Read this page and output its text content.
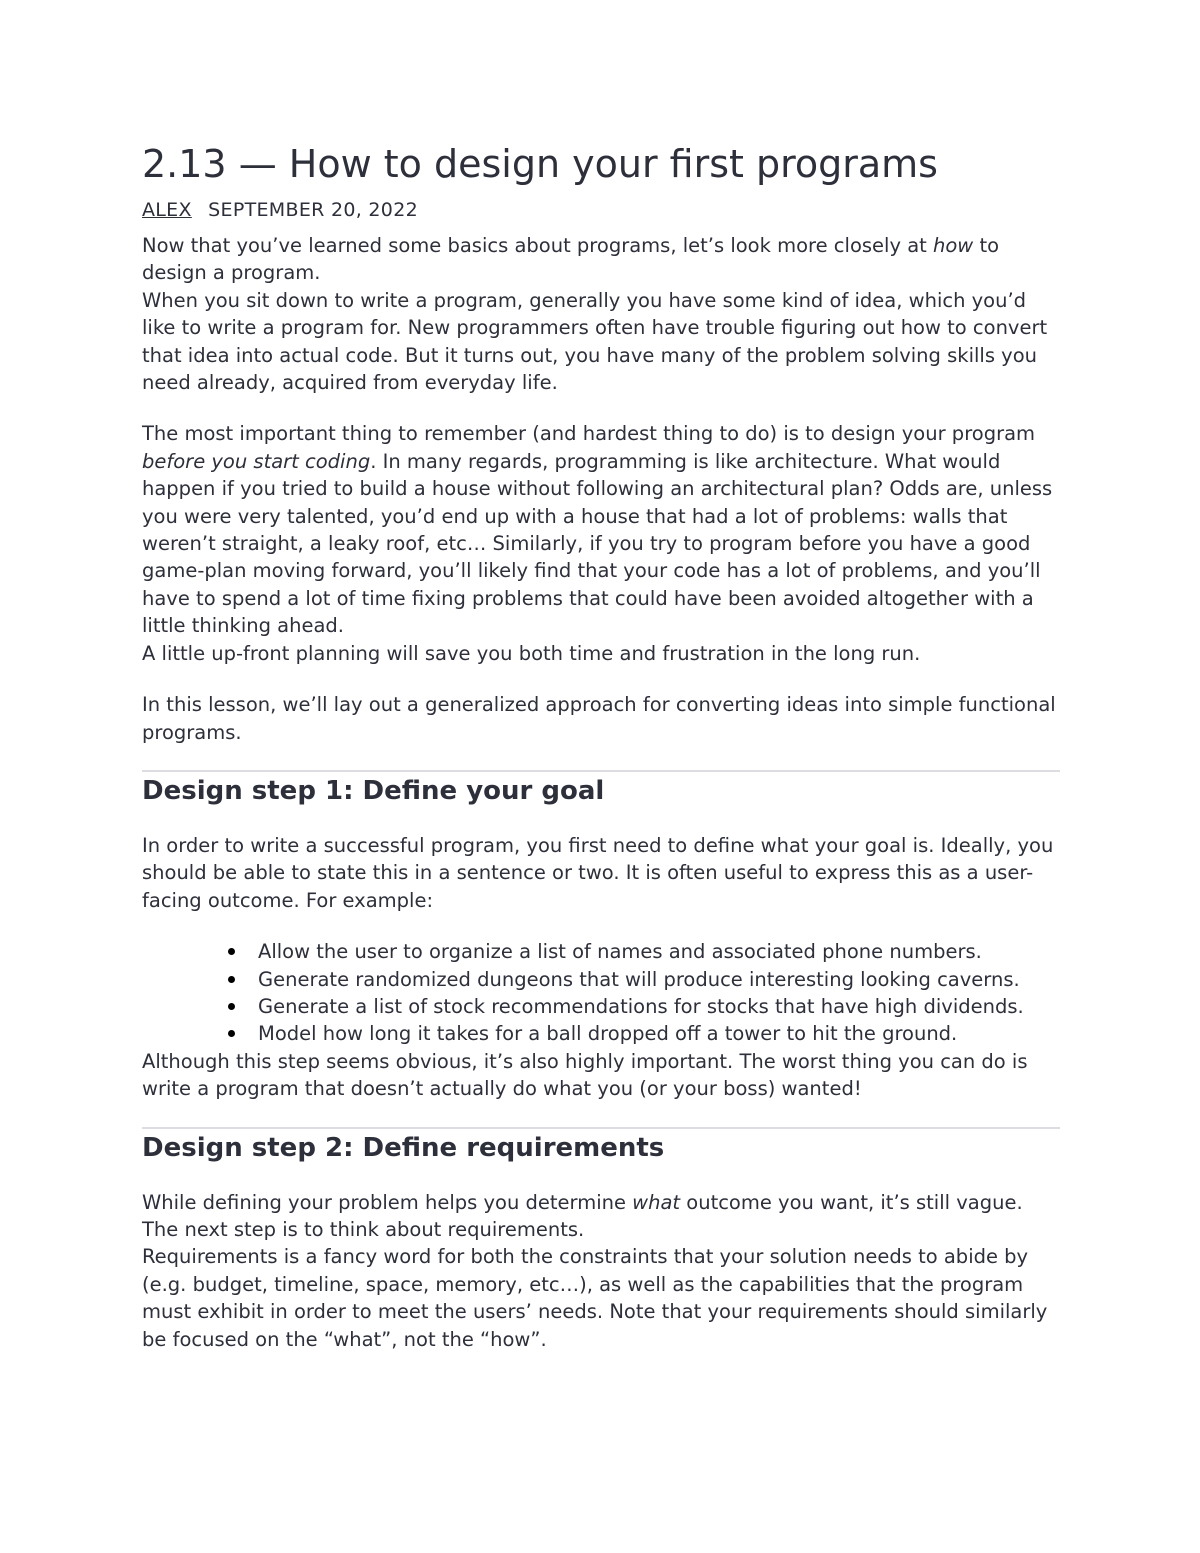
2.13 — How to design your first programs
ALEX SEPTEMBER 20, 2022

Now that you’ve learned some basics about programs, let’s look more closely at how to design a program.

When you sit down to write a program, generally you have some kind of idea, which you’d like to write a program for. New programmers often have trouble figuring out how to convert that idea into actual code. But it turns out, you have many of the problem solving skills you need already, acquired from everyday life.

The most important thing to remember (and hardest thing to do) is to design your program before you start coding. In many regards, programming is like architecture. What would happen if you tried to build a house without following an architectural plan? Odds are, unless you were very talented, you’d end up with a house that had a lot of problems: walls that weren’t straight, a leaky roof, etc… Similarly, if you try to program before you have a good game-plan moving forward, you’ll likely find that your code has a lot of problems, and you’ll have to spend a lot of time fixing problems that could have been avoided altogether with a little thinking ahead.

A little up-front planning will save you both time and frustration in the long run.

In this lesson, we’ll lay out a generalized approach for converting ideas into simple functional programs.

Design step 1: Define your goal

In order to write a successful program, you first need to define what your goal is. Ideally, you should be able to state this in a sentence or two. It is often useful to express this as a user-facing outcome. For example:

Allow the user to organize a list of names and associated phone numbers.
Generate randomized dungeons that will produce interesting looking caverns.
Generate a list of stock recommendations for stocks that have high dividends.
Model how long it takes for a ball dropped off a tower to hit the ground.

Although this step seems obvious, it’s also highly important. The worst thing you can do is write a program that doesn’t actually do what you (or your boss) wanted!

Design step 2: Define requirements

While defining your problem helps you determine what outcome you want, it’s still vague. The next step is to think about requirements.

Requirements is a fancy word for both the constraints that your solution needs to abide by (e.g. budget, timeline, space, memory, etc…), as well as the capabilities that the program must exhibit in order to meet the users’ needs. Note that your requirements should similarly be focused on the “what”, not the “how”.
